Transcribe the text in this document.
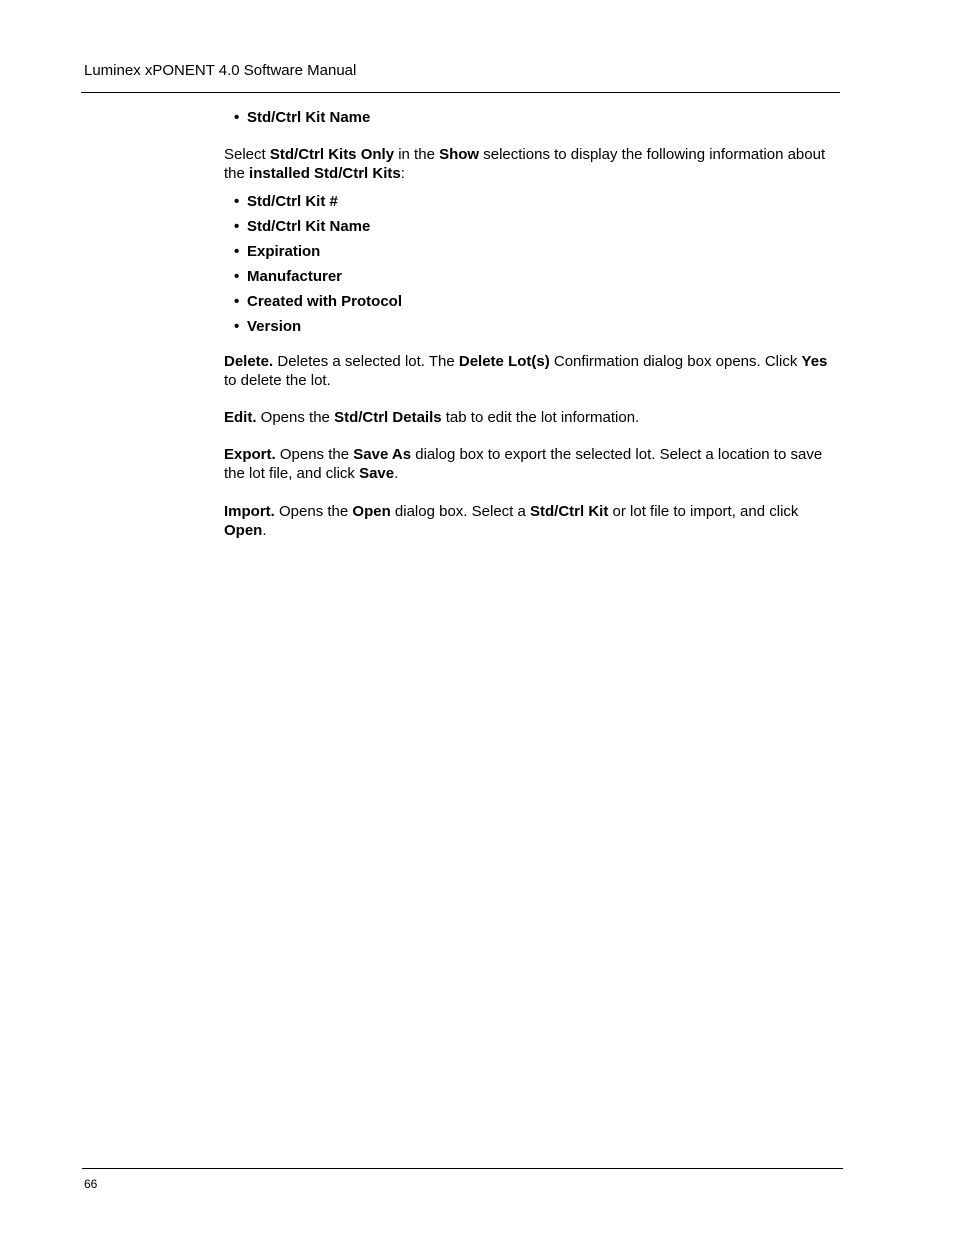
Luminex xPONENT 4.0 Software Manual
• Std/Ctrl Kit Name

Select Std/Ctrl Kits Only in the Show selections to display the following information about the installed Std/Ctrl Kits:

• Std/Ctrl Kit #
• Std/Ctrl Kit Name
• Expiration
• Manufacturer
• Created with Protocol
• Version

Delete. Deletes a selected lot. The Delete Lot(s) Confirmation dialog box opens. Click Yes to delete the lot.

Edit. Opens the Std/Ctrl Details tab to edit the lot information.

Export. Opens the Save As dialog box to export the selected lot. Select a location to save the lot file, and click Save.

Import. Opens the Open dialog box. Select a Std/Ctrl Kit or lot file to import, and click Open.

66
